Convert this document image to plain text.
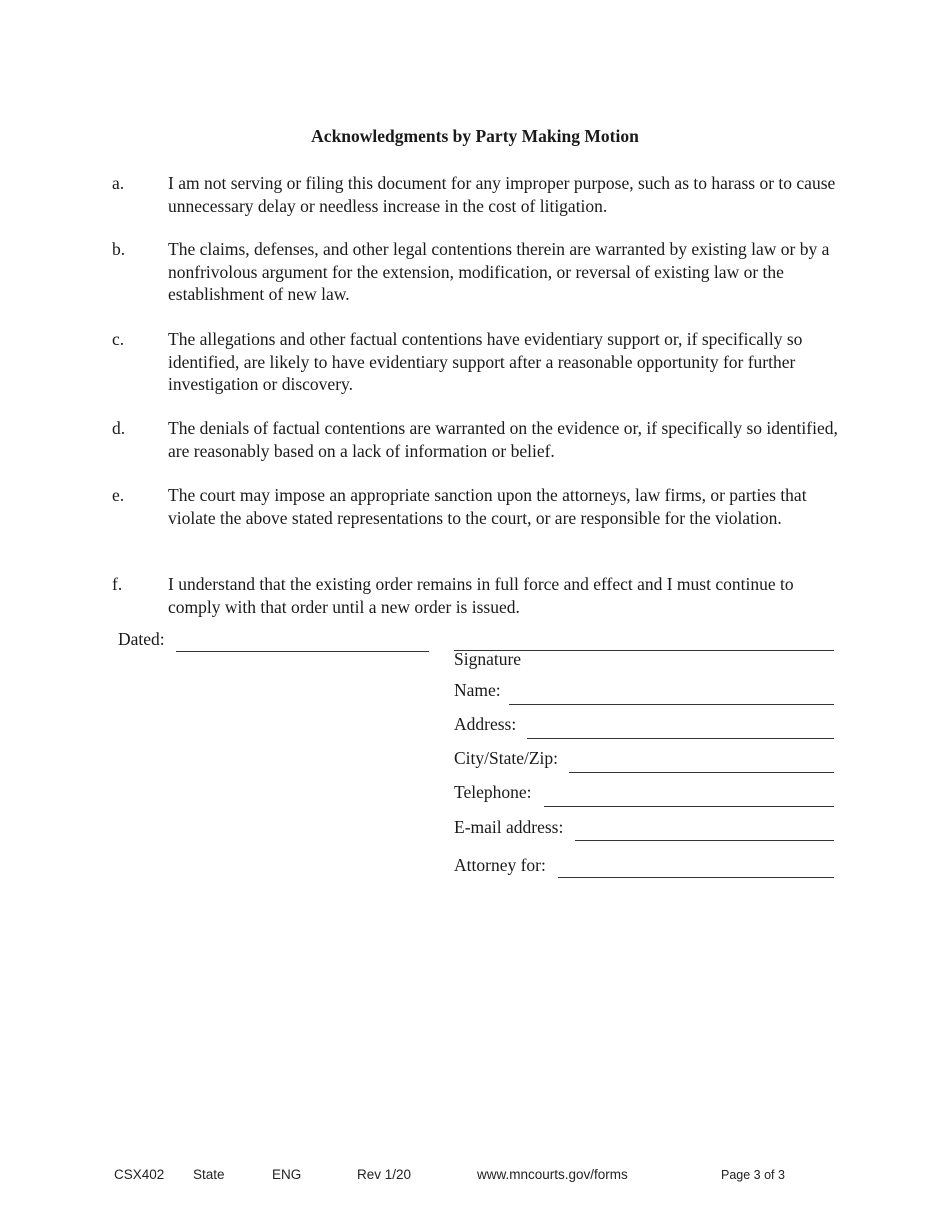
Acknowledgments by Party Making Motion
a.	I am not serving or filing this document for any improper purpose, such as to harass or to cause unnecessary delay or needless increase in the cost of litigation.
b. The claims, defenses, and other legal contentions therein are warranted by existing law or by a nonfrivolous argument for the extension, modification, or reversal of existing law or the establishment of new law.
c.	The allegations and other factual contentions have evidentiary support or, if specifically so identified, are likely to have evidentiary support after a reasonable opportunity for further investigation or discovery.
d. The denials of factual contentions are warranted on the evidence or, if specifically so identified, are reasonably based on a lack of information or belief.
e.	The court may impose an appropriate sanction upon the attorneys, law firms, or parties that violate the above stated representations to the court, or are responsible for the violation.
f.	I understand that the existing order remains in full force and effect and I must continue to comply with that order until a new order is issued.
Dated:
Signature
Name:
Address:
City/State/Zip:
Telephone:
E-mail address:
Attorney for:
CSX402 State	ENG	Rev 1/20	www.mncourts.gov/forms	Page 3 of 3
